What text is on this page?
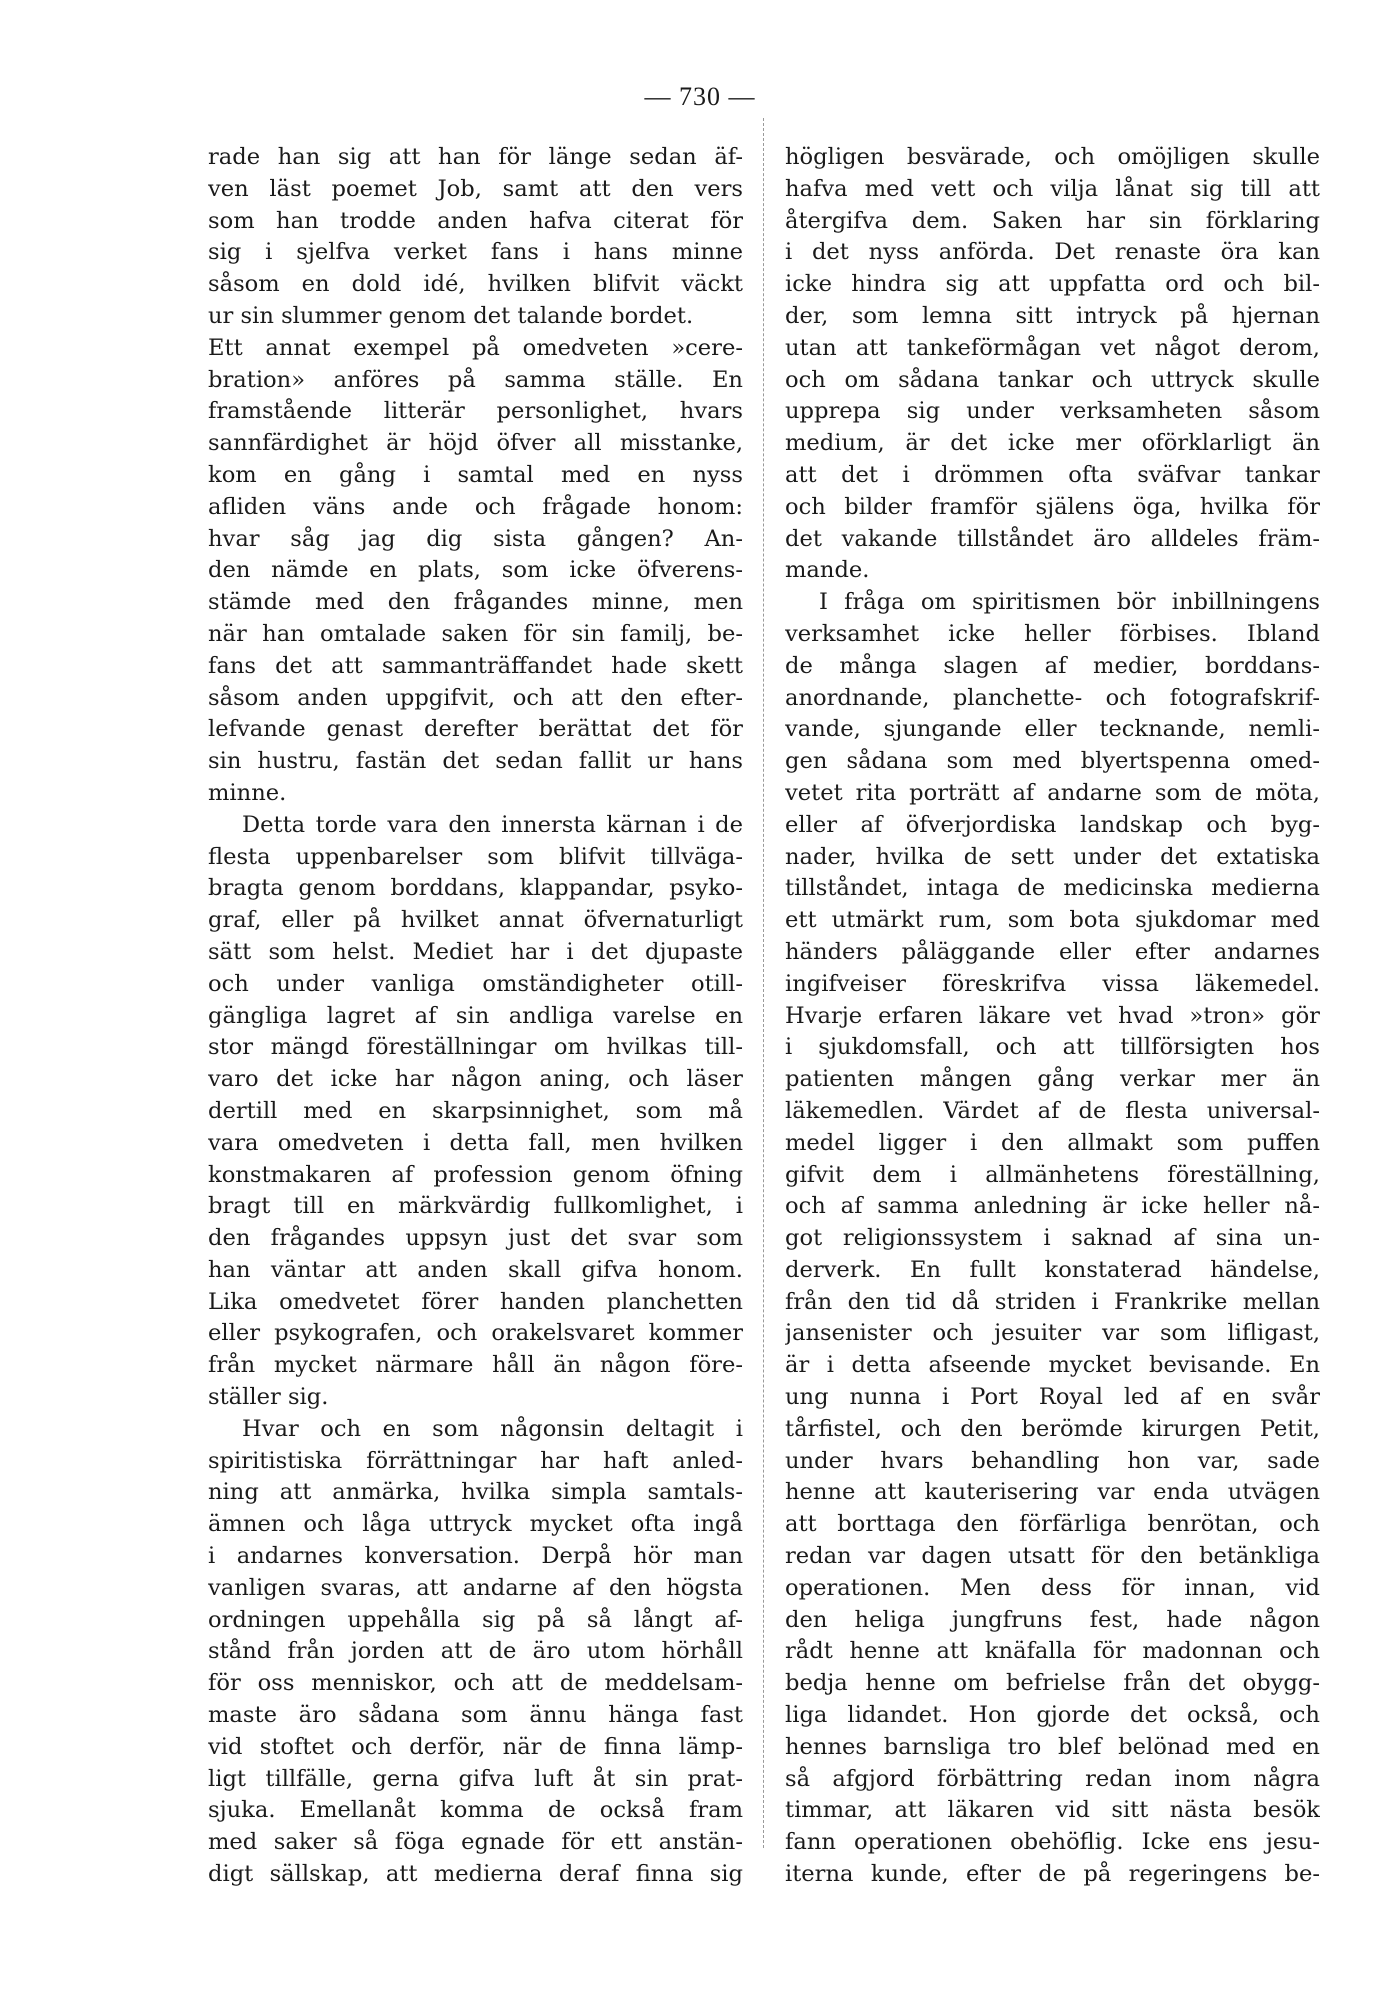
— 730 —
rade han sig att han för länge sedan äf-
ven läst poemet Job, samt att den vers
som han trodde anden hafva citerat för
sig i sjelfva verket fans i hans minne
såsom en dold idé, hvilken blifvit väckt
ur sin slummer genom det talande bordet.
Ett annat exempel på omedveten »cere-
bration» anföres på samma ställe. En
framstående litterär personlighet, hvars
sannfärdighet är höjd öfver all misstanke,
kom en gång i samtal med en nyss
afliden väns ande och frågade honom:
hvar såg jag dig sista gången? An-
den nämde en plats, som icke öfverens-
stämde med den frågandes minne, men
när han omtalade saken för sin familj, be-
fans det att sammanträffandet hade skett
såsom anden uppgifvit, och att den efter-
lefvande genast derefter berättat det för
sin hustru, fastän det sedan fallit ur hans
minne.
Detta torde vara den innersta kärnan i de
flesta uppenbarelser som blifvit tillväga-
bragta genom borddans, klappandar, psyko-
graf, eller på hvilket annat öfvernaturligt
sätt som helst. Mediet har i det djupaste
och under vanliga omständigheter otill-
gängliga lagret af sin andliga varelse en
stor mängd föreställningar om hvilkas till-
varo det icke har någon aning, och läser
dertill med en skarpsinnighet, som må
vara omedveten i detta fall, men hvilken
konstmakaren af profession genom öfning
bragt till en märkvärdig fullkomlighet, i
den frågandes uppsyn just det svar som
han väntar att anden skall gifva honom.
Lika omedvetet förer handen planchetten
eller psykografen, och orakelsvaret kommer
från mycket närmare håll än någon före-
ställer sig.
Hvar och en som någonsin deltagit i
spiritistiska förrättningar har haft anled-
ning att anmärka, hvilka simpla samtals-
ämnen och låga uttryck mycket ofta ingå
i andarnes konversation. Derpå hör man
vanligen svaras, att andarne af den högsta
ordningen uppehålla sig på så långt af-
stånd från jorden att de äro utom hörhåll
för oss menniskor, och att de meddelsam-
maste äro sådana som ännu hänga fast
vid stoftet och derför, när de finna lämp-
ligt tillfälle, gerna gifva luft åt sin prat-
sjuka. Emellanåt komma de också fram
med saker så föga egnade för ett anstän-
digt sällskap, att medierna deraf finna sig
högligen besvärade, och omöjligen skulle
hafva med vett och vilja lånat sig till att
återgifva dem. Saken har sin förklaring
i det nyss anförda. Det renaste öra kan
icke hindra sig att uppfatta ord och bil-
der, som lemna sitt intryck på hjernan
utan att tankeförmågan vet något derom,
och om sådana tankar och uttryck skulle
upprepa sig under verksamheten såsom
medium, är det icke mer oförklarligt än
att det i drömmen ofta sväfvar tankar
och bilder framför själens öga, hvilka för
det vakande tillståndet äro alldeles främ-
mande.
I fråga om spiritismen bör inbillningens
verksamhet icke heller förbises. Ibland
de många slagen af medier, borddans-
anordnande, planchette- och fotografskrif-
vande, sjungande eller tecknande, nemli-
gen sådana som med blyertspenna omed-
vetet rita porträtt af andarne som de möta,
eller af öfverjordiska landskap och byg-
nader, hvilka de sett under det extatiska
tillståndet, intaga de medicinska medierna
ett utmärkt rum, som bota sjukdomar med
händers påläggande eller efter andarnes
ingifveiser föreskrifva vissa läkemedel.
Hvarje erfaren läkare vet hvad »tron» gör
i sjukdomsfall, och att tillförsigten hos
patienten mången gång verkar mer än
läkemedlen. Värdet af de flesta universal-
medel ligger i den allmakt som puffen
gifvit dem i allmänhetens föreställning,
och af samma anledning är icke heller nå-
got religionssystem i saknad af sina un-
derverk. En fullt konstaterad händelse,
från den tid då striden i Frankrike mellan
jansenister och jesuiter var som lifligast,
är i detta afseende mycket bevisande. En
ung nunna i Port Royal led af en svår
tårfistel, och den berömde kirurgen Petit,
under hvars behandling hon var, sade
henne att kauterisering var enda utvägen
att borttaga den förfärliga benrötan, och
redan var dagen utsatt för den betänkliga
operationen. Men dess för innan, vid
den heliga jungfruns fest, hade någon
rådt henne att knäfalla för madonnan och
bedja henne om befrielse från det obygg-
liga lidandet. Hon gjorde det också, och
hennes barnsliga tro blef belönad med en
så afgjord förbättring redan inom några
timmar, att läkaren vid sitt nästa besök
fann operationen obehöflig. Icke ens jesu-
iterna kunde, efter de på regeringens be-
